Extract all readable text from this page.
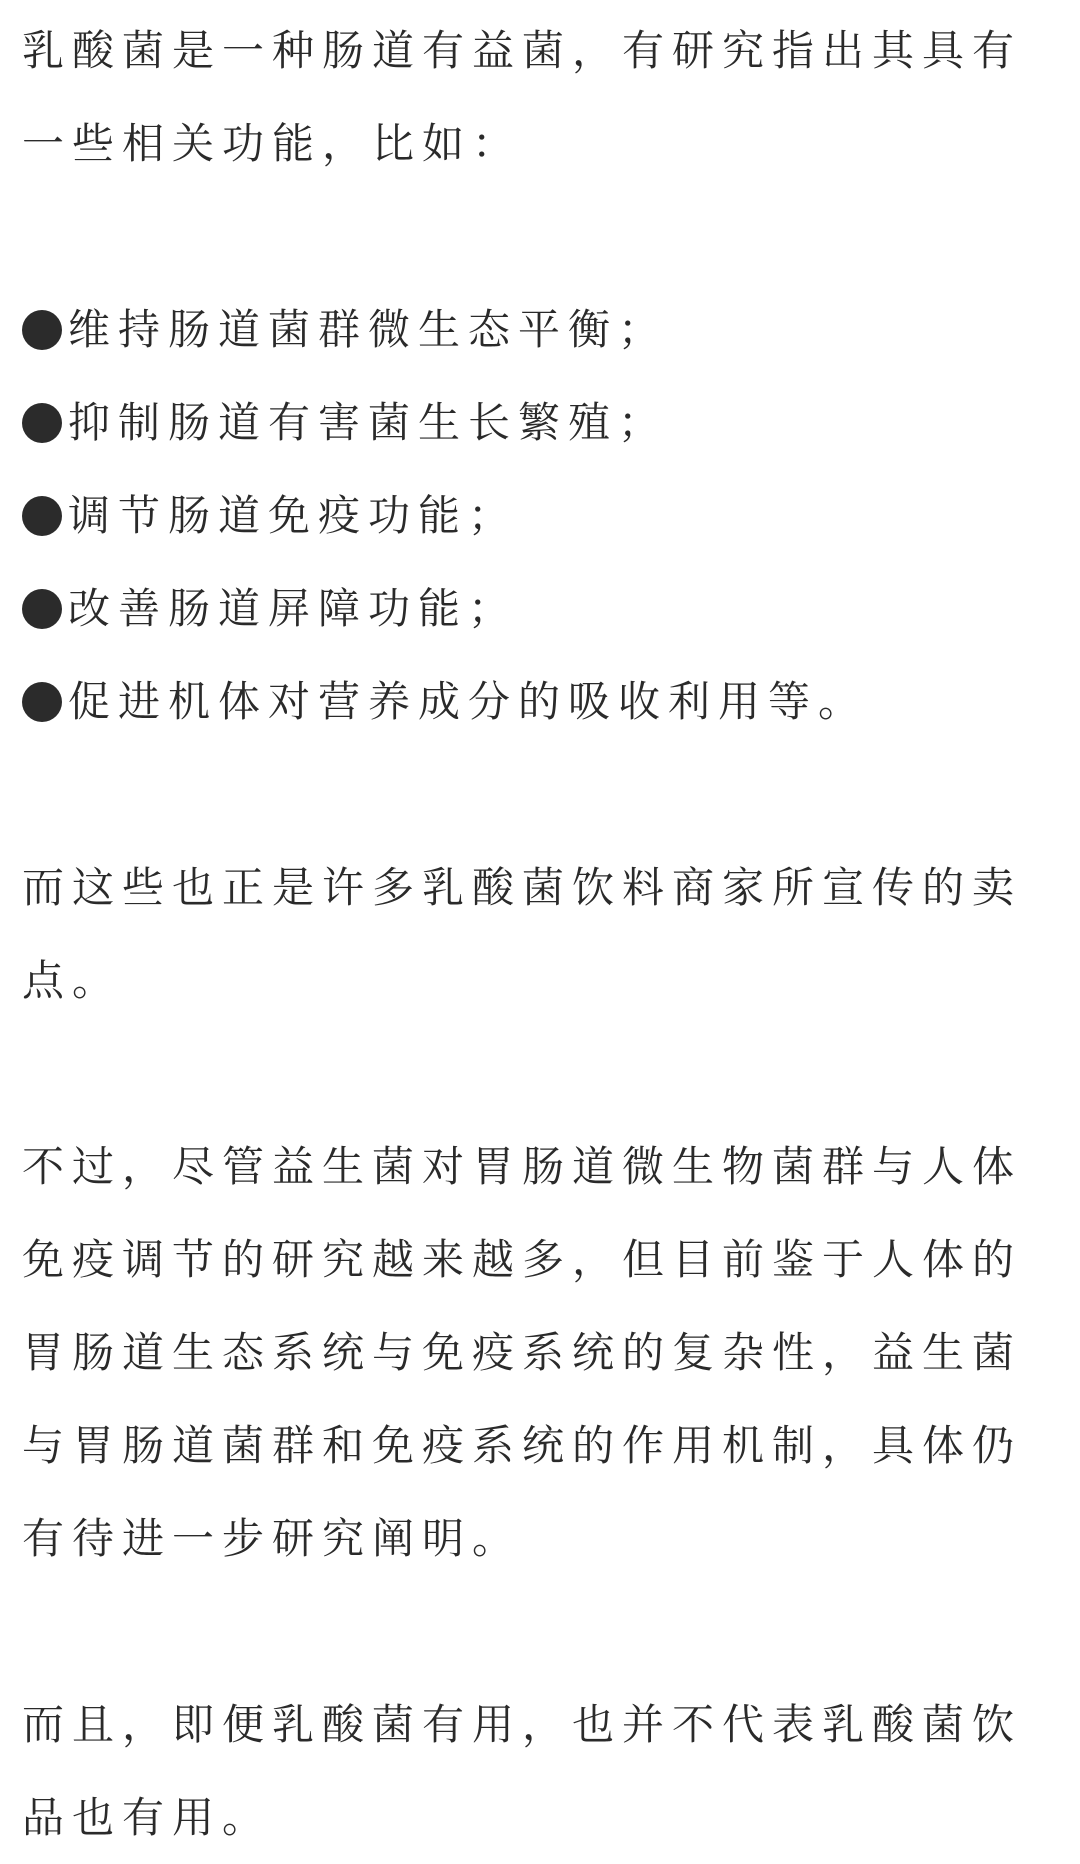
乳酸菌是一种肠道有益菌，有研究指出其具有一些相关功能，比如：

维持肠道菌群微生态平衡；
抑制肠道有害菌生长繁殖；
调节肠道免疫功能；
改善肠道屏障功能；
促进机体对营养成分的吸收利用等。

而这些也正是许多乳酸菌饮料商家所宣传的卖点。

不过，尽管益生菌对胃肠道微生物菌群与人体免疫调节的研究越来越多，但目前鉴于人体的胃肠道生态系统与免疫系统的复杂性，益生菌与胃肠道菌群和免疫系统的作用机制，具体仍有待进一步研究阐明。

而且，即便乳酸菌有用，也并不代表乳酸菌饮品也有用。
